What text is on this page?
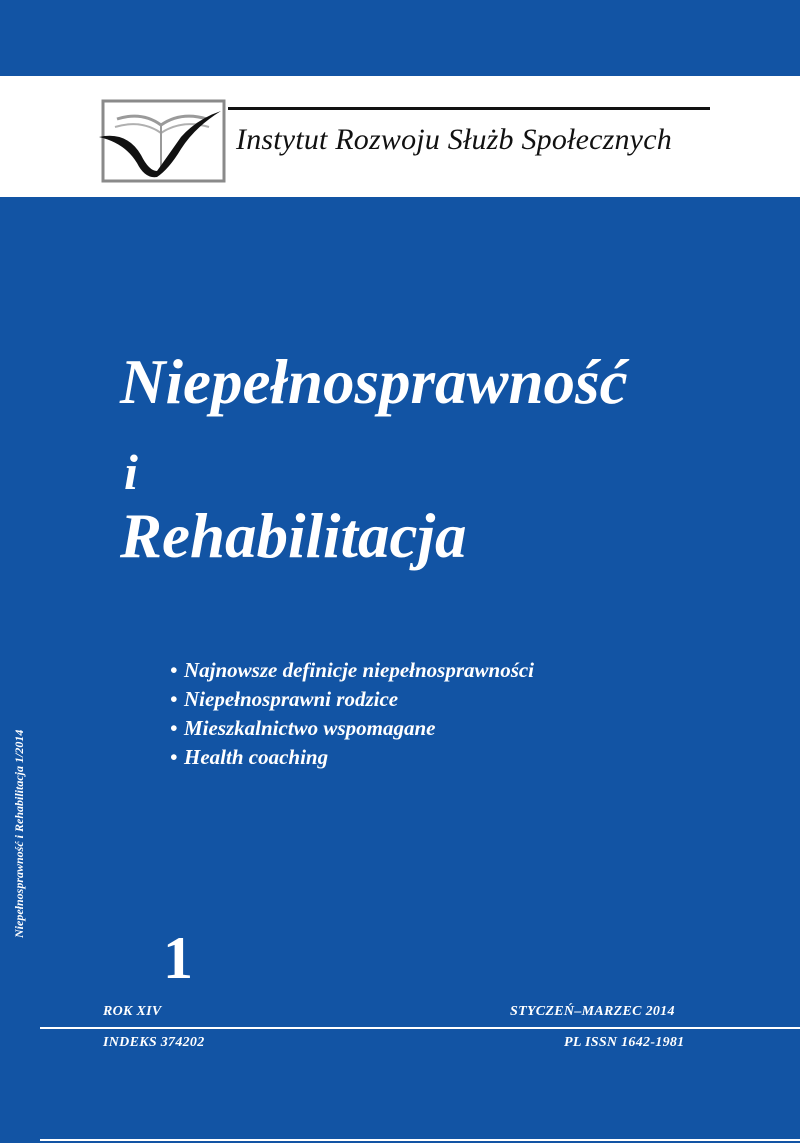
Instytut Rozwoju Służb Społecznych
Niepełnosprawność
i
Rehabilitacja
• Najnowsze definicje niepełnosprawności
• Niepełnosprawni rodzice
• Mieszkalnictwo wspomagane
• Health coaching
Niepełnosprawność i Rehabilitacja 1/2014
1
ROK XIV	STYCZEŃ–MARZEC 2014
INDEKS 374202	PL ISSN 1642-1981
